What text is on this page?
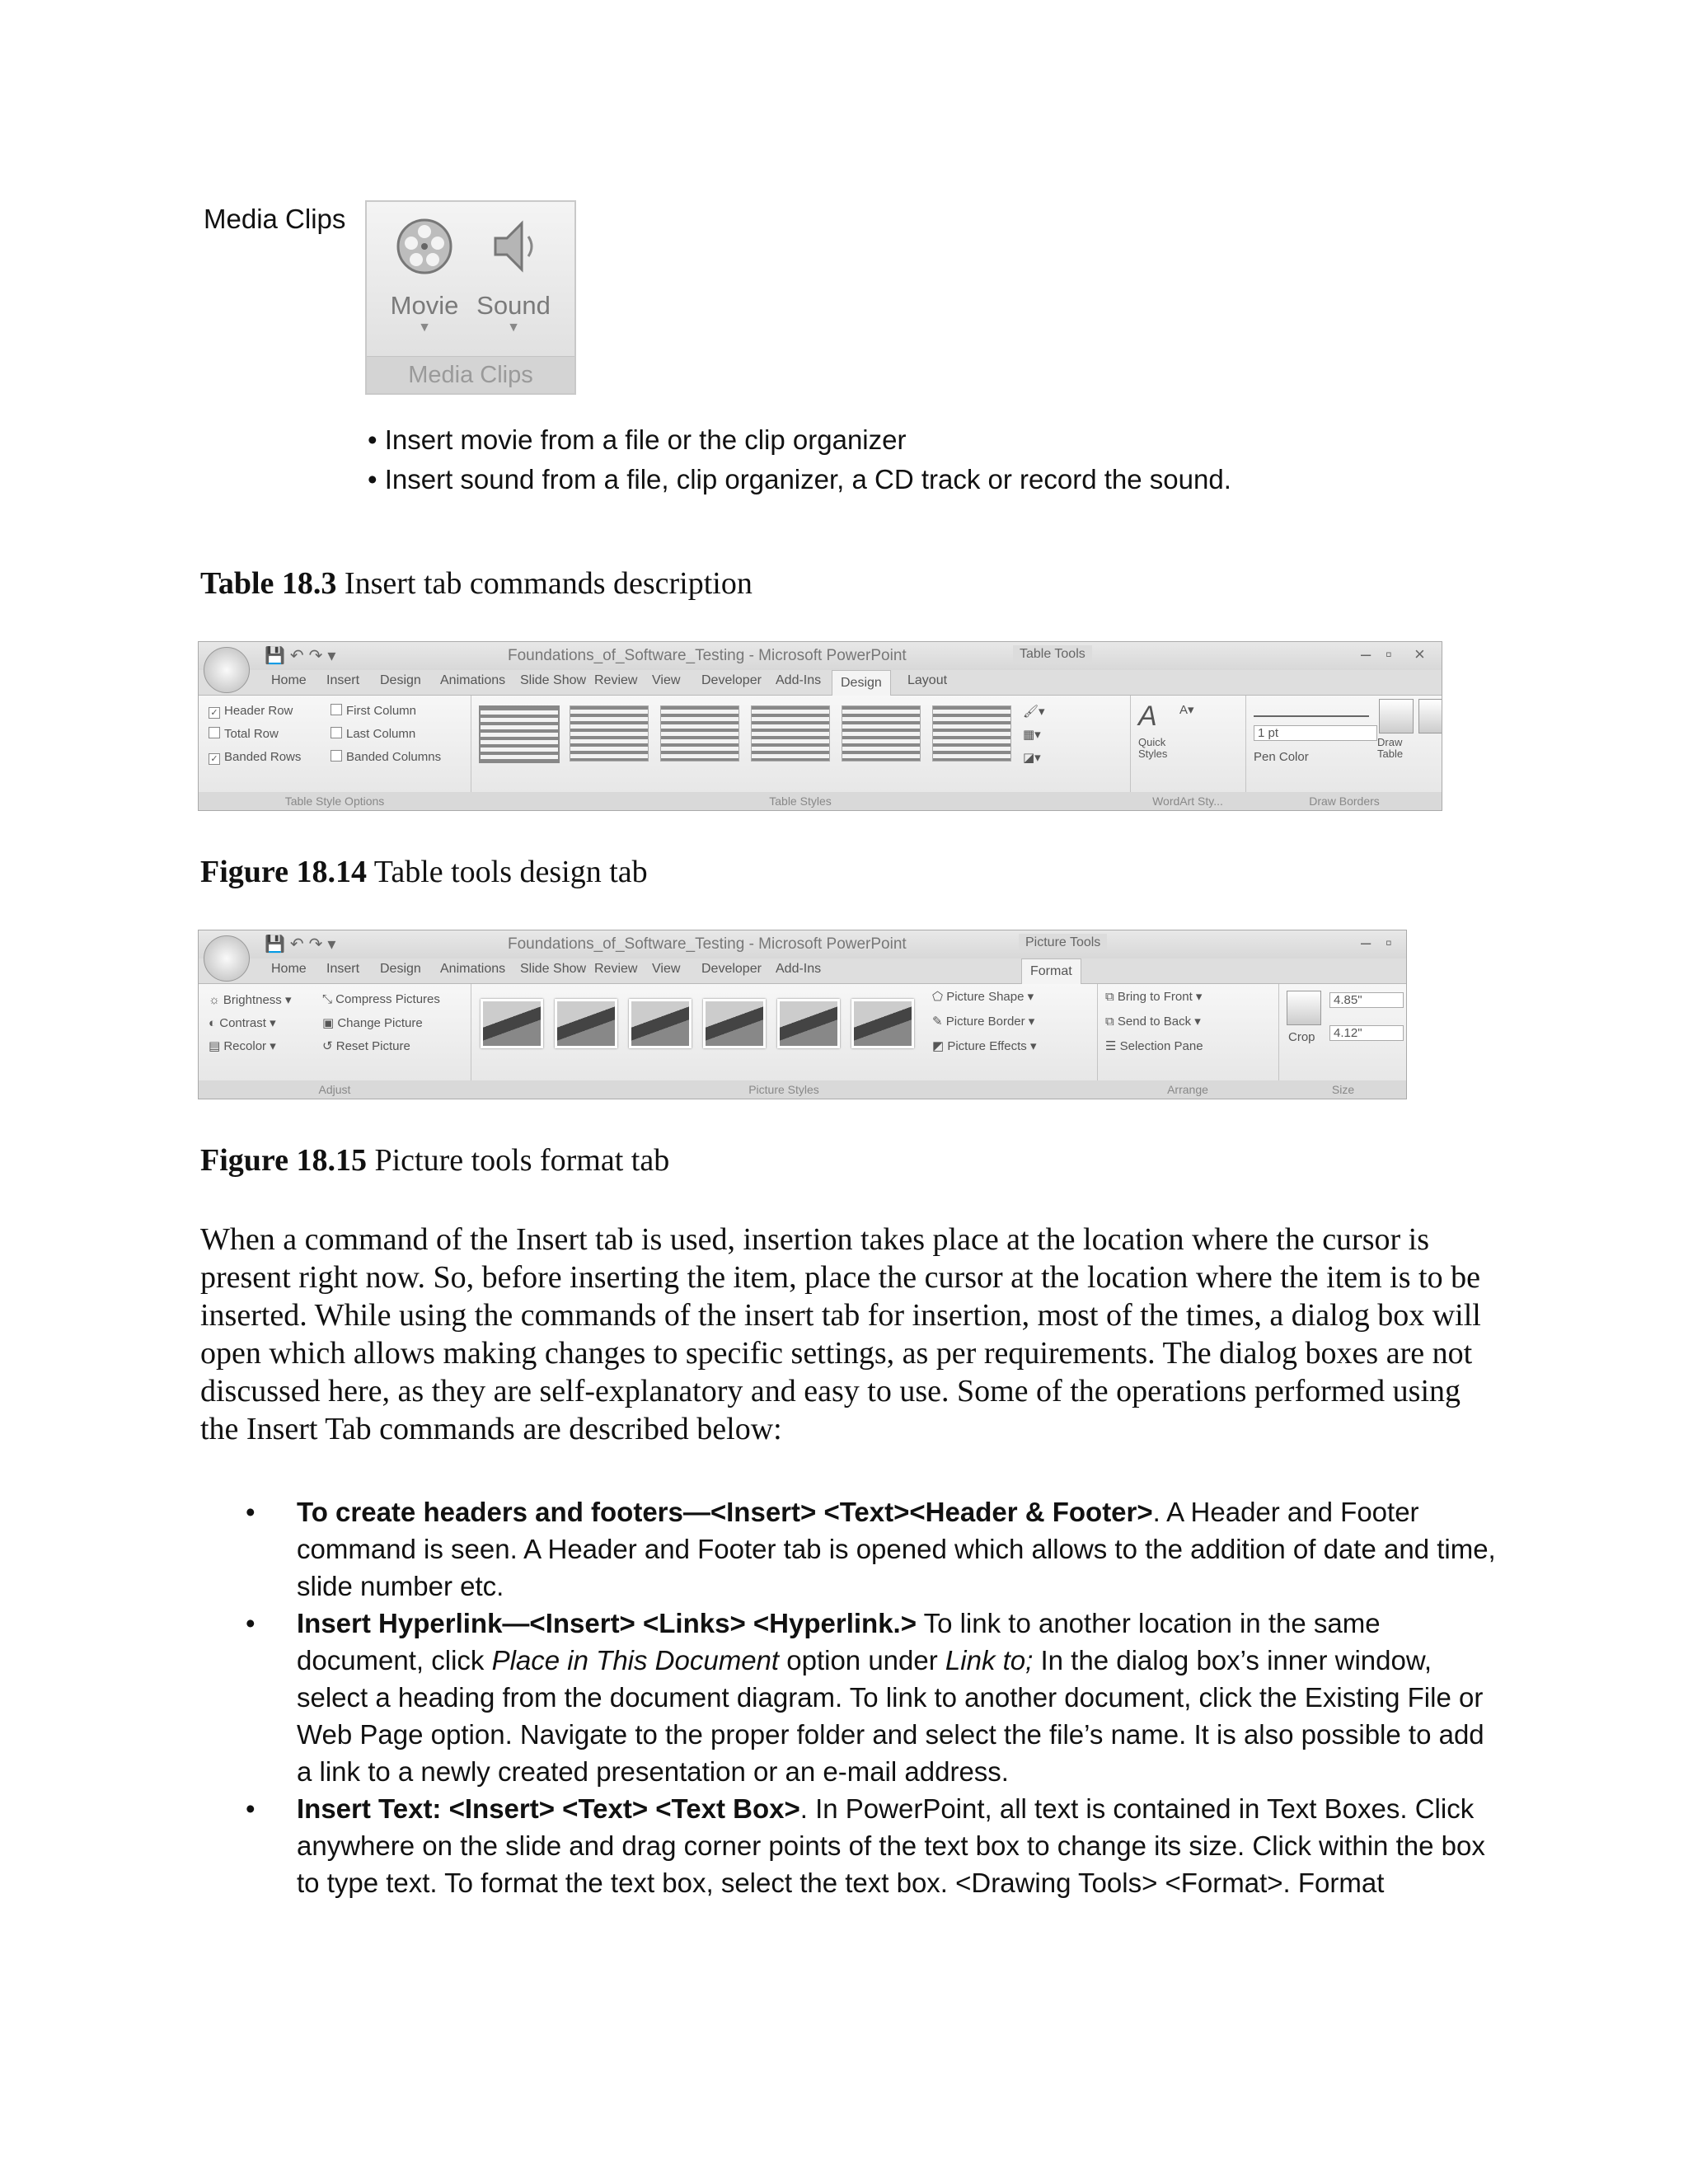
Media Clips
Movie
▼
Sound
▼
Media Clips
• Insert movie from a file or the clip organizer
• Insert sound from a file, clip organizer, a CD track or record the sound.
Table 18.3 Insert tab commands description
💾↶↷▾	Foundations_of_Software_Testing - Microsoft PowerPoint	Table Tools	– ▫ ×
Home Insert Design Animations Slide Show Review View Developer Add-Ins	Design	Layout
✓ Header Row	First Column
Total Row	Last Column
✓ Banded Rows	Banded Columns
Table Style Options
🖌▾
▦▾
◪▾
Table Styles
A A▾
Quick Styles
WordArt Sty...
1 pt
Pen Color
Draw Table
Draw Borders
Figure 18.14 Table tools design tab
💾↶↷▾	Foundations_of_Software_Testing - Microsoft PowerPoint	Picture Tools	– ▫
Home Insert Design Animations Slide Show Review View Developer Add-Ins	Format
☼ Brightness ▾	⤡ Compress Pictures
◐ Contrast ▾	▣ Change Picture
▤ Recolor ▾	↺ Reset Picture
Adjust
⬠ Picture Shape ▾
✎ Picture Border ▾
◩ Picture Effects ▾
Picture Styles
⧉ Bring to Front ▾
⧉ Send to Back ▾
☰ Selection Pane
Arrange
Crop
4.85"
4.12"
Size
Figure 18.15 Picture tools format tab
When a command of the Insert tab is used, insertion takes place at the location where the cursor is present right now. So, before inserting the item, place the cursor at the location where the item is to be inserted. While using the commands of the insert tab for insertion, most of the times, a dialog box will open which allows making changes to specific settings, as per requirements. The dialog boxes are not discussed here, as they are self-explanatory and easy to use. Some of the operations performed using the Insert Tab commands are described below:
• To create headers and footers—<Insert> <Text><Header & Footer>. A Header and Footer command is seen. A Header and Footer tab is opened which allows to the addition of date and time, slide number etc.
• Insert Hyperlink—<Insert> <Links> <Hyperlink.> To link to another location in the same document, click Place in This Document option under Link to; In the dialog box’s inner window, select a heading from the document diagram. To link to another document, click the Existing File or Web Page option. Navigate to the proper folder and select the file’s name. It is also possible to add a link to a newly created presentation or an e-mail address.
• Insert Text: <Insert> <Text> <Text Box>. In PowerPoint, all text is contained in Text Boxes. Click anywhere on the slide and drag corner points of the text box to change its size. Click within the box to type text. To format the text box, select the text box. <Drawing Tools> <Format>. Format
